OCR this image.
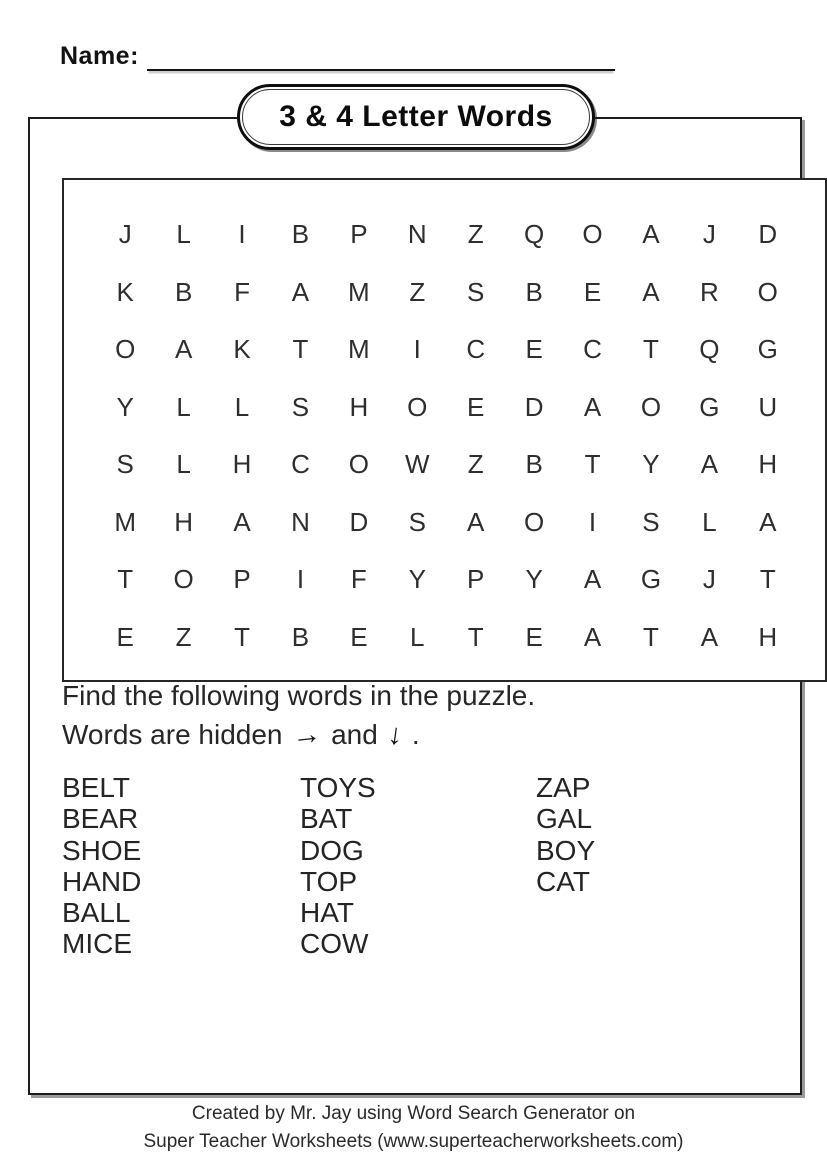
Name:
3 & 4 Letter Words
J	L	I	B	P	N	Z	Q	O	A	J	D
K	B	F	A	M	Z	S	B	E	A	R	O
O	A	K	T	M	I	C	E	C	T	Q	G
Y	L	L	S	H	O	E	D	A	O	G	U
S	L	H	C	O	W	Z	B	T	Y	A	H
M	H	A	N	D	S	A	O	I	S	L	A
T	O	P	I	F	Y	P	Y	A	G	J	T
E	Z	T	B	E	L	T	E	A	T	A	H
Find the following words in the puzzle.
Words are hidden → and ↓ .
BELT
BEAR
SHOE
HAND
BALL
MICE
TOYS
BAT
DOG
TOP
HAT
COW
ZAP
GAL
BOY
CAT
Created by Mr. Jay using Word Search Generator on
Super Teacher Worksheets (www.superteacherworksheets.com)
